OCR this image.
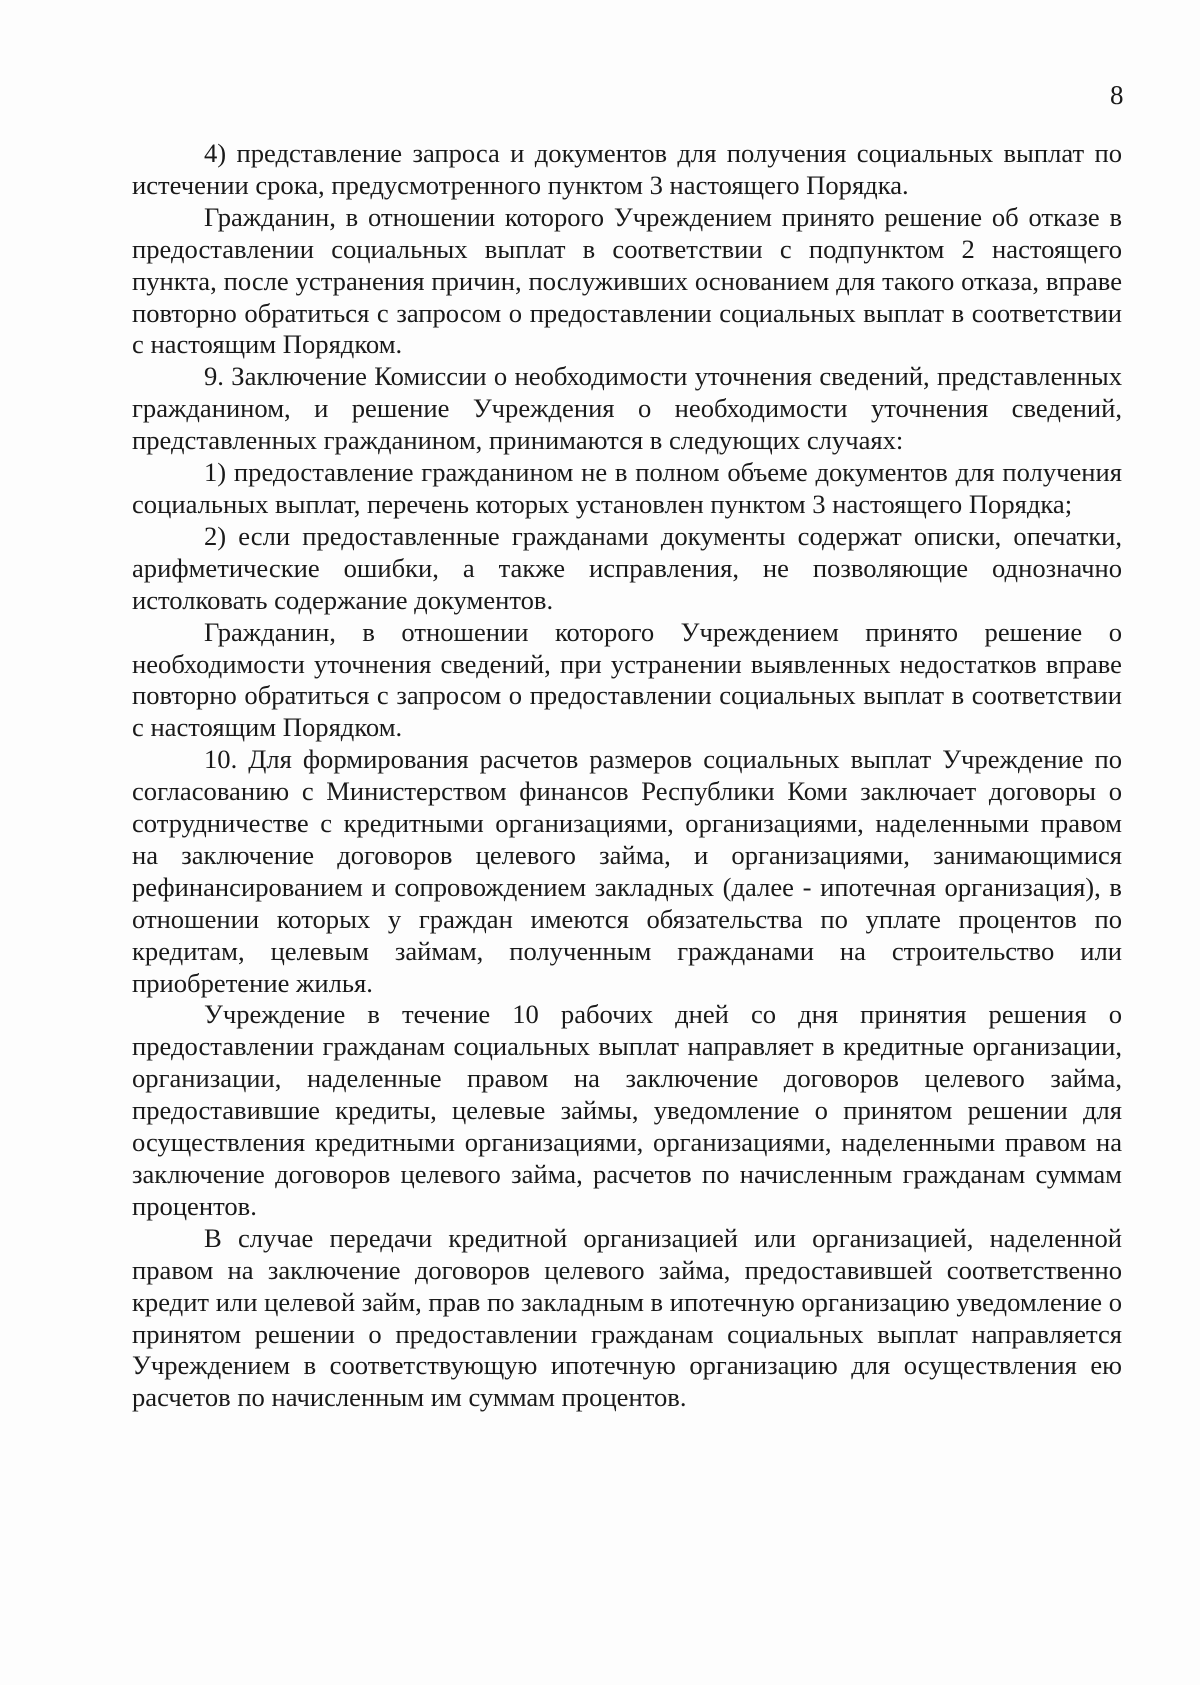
8

4) представление запроса и документов для получения социальных выплат по истечении срока, предусмотренного пунктом 3 настоящего Порядка.

Гражданин, в отношении которого Учреждением принято решение об отказе в предоставлении социальных выплат в соответствии с подпунктом 2 настоящего пункта, после устранения причин, послуживших основанием для такого отказа, вправе повторно обратиться с запросом о предоставлении социальных выплат в соответствии с настоящим Порядком.

9. Заключение Комиссии о необходимости уточнения сведений, представленных гражданином, и решение Учреждения о необходимости уточнения сведений, представленных гражданином, принимаются в следующих случаях:

1) предоставление гражданином не в полном объеме документов для получения социальных выплат, перечень которых установлен пунктом 3 настоящего Порядка;

2) если предоставленные гражданами документы содержат описки, опечатки, арифметические ошибки, а также исправления, не позволяющие однозначно истолковать содержание документов.

Гражданин, в отношении которого Учреждением принято решение о необходимости уточнения сведений, при устранении выявленных недостатков вправе повторно обратиться с запросом о предоставлении социальных выплат в соответствии с настоящим Порядком.

10. Для формирования расчетов размеров социальных выплат Учреждение по согласованию с Министерством финансов Республики Коми заключает договоры о сотрудничестве с кредитными организациями, организациями, наделенными правом на заключение договоров целевого займа, и организациями, занимающимися рефинансированием и сопровождением закладных (далее - ипотечная организация), в отношении которых у граждан имеются обязательства по уплате процентов по кредитам, целевым займам, полученным гражданами на строительство или приобретение жилья.

Учреждение в течение 10 рабочих дней со дня принятия решения о предоставлении гражданам социальных выплат направляет в кредитные организации, организации, наделенные правом на заключение договоров целевого займа, предоставившие кредиты, целевые займы, уведомление о принятом решении для осуществления кредитными организациями, организациями, наделенными правом на заключение договоров целевого займа, расчетов по начисленным гражданам суммам процентов.

В случае передачи кредитной организацией или организацией, наделенной правом на заключение договоров целевого займа, предоставившей соответственно кредит или целевой займ, прав по закладным в ипотечную организацию уведомление о принятом решении о предоставлении гражданам социальных выплат направляется Учреждением в соответствующую ипотечную организацию для осуществления ею расчетов по начисленным им суммам процентов.
